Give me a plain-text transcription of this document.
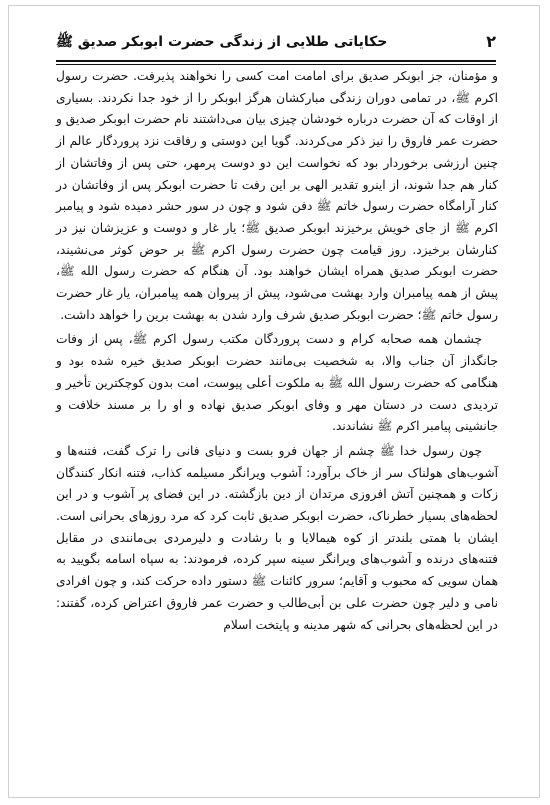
۲
حکایاتی طلایی از زندگی حضرت ابوبکر صدیق ﷺ

و مؤمنان، جز ابوبکر صدیق برای امامت امت کسی را نخواهند پذیرفت. حضرت رسول اکرم ﷺ، در تمامی دوران زندگی مبارکشان هرگز ابوبکر را از خود جدا نکردند. بسیاری از اوقات که آن حضرت درباره خودشان چیزی بیان می‌داشتند نام حضرت ابوبکر صدیق و حضرت عمر فاروق را نیز ذکر می‌کردند. گویا این دوستی و رفاقت نزد پروردگار عالم از چنین ارزشی برخوردار بود که نخواست این دو دوست پرمهر، حتی پس از وفاتشان از کنار هم جدا شوند، از اینرو تقدیر الهی بر این رفت تا حضرت ابوبکر پس از وفاتشان در کنار آرامگاه حضرت رسول خاتم ﷺ دفن شود و چون در سور حشر دمیده شود و پیامبر اکرم ﷺ از جای خویش برخیزند ابوبکر صدیق ﷺ؛ یار غار و دوست و عزیزشان نیز در کنارشان برخیزد. روز قیامت چون حضرت رسول اکرم ﷺ بر حوض کوثر می‌نشیند، حضرت ابوبکر صدیق همراه ایشان خواهند بود. آن هنگام که حضرت رسول الله ﷺ، پیش از همه پیامبران وارد بهشت می‌شود، پیش از پیروان همه پیامبران، یار غار حضرت رسول خاتم ﷺ؛ حضرت ابوبکر صدیق شرف وارد شدن به بهشت برین را خواهد داشت.

چشمان همه صحابه کرام و دست پروردگان مکتب رسول اکرم ﷺ، پس از وفات جانگداز آن جناب والا، به شخصیت بی‌مانند حضرت ابوبکر صدیق خیره شده بود و هنگامی که حضرت رسول الله ﷺ به ملکوت أعلى پیوست، امت بدون کوچکترین تأخیر و تردیدی دست در دستان مهر و وفای ابوبکر صدیق نهاده و او را بر مسند خلافت و جانشینی پیامبر اکرم ﷺ نشاندند.

چون رسول خدا ﷺ چشم از جهان فرو بست و دنیای فانی را ترک گفت، فتنه‌ها و آشوب‌های هولناک سر از خاک برآورد: آشوب ویرانگر مسیلمه کذاب، فتنه انکار کنندگان زکات و همچنین آتش افروزی مرتدان از دین بازگشته. در این فضای پر آشوب و در این لحظه‌های بسیار خطرناک، حضرت ابوبکر صدیق ثابت کرد که مرد روزهای بحرانی است. ایشان با همتی بلندتر از کوه هیمالایا و با رشادت و دلیرمردی بی‌مانندی در مقابل فتنه‌های درنده و آشوب‌های ویرانگر سینه سپر کرده، فرمودند: به سپاه اسامه بگویید به همان سویی که محبوب و آقایم؛ سرور کائنات ﷺ دستور داده حرکت کند، و چون افرادی نامی و دلیر چون حضرت علی بن أبی‌طالب و حضرت عمر فاروق اعتراض کرده، گفتند: در این لحظه‌های بحرانی که شهر مدینه و پایتخت اسلام
